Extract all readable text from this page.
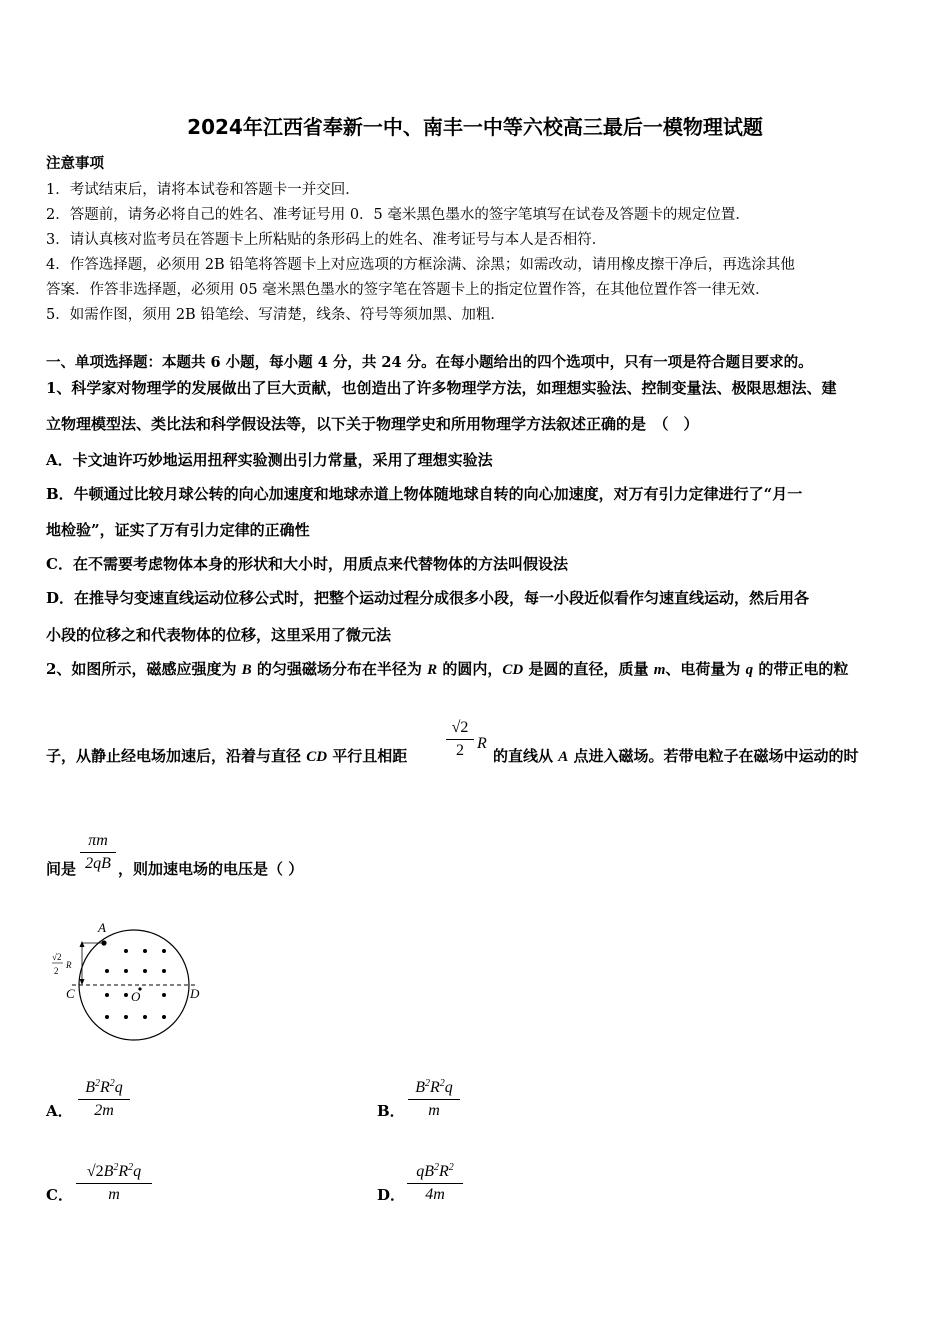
2024年江西省奉新一中、南丰一中等六校高三最后一模物理试题
注意事项
1．考试结束后，请将本试卷和答题卡一并交回．
2．答题前，请务必将自己的姓名、准考证号用 0．5 毫米黑色墨水的签字笔填写在试卷及答题卡的规定位置．
3．请认真核对监考员在答题卡上所粘贴的条形码上的姓名、准考证号与本人是否相符．
4．作答选择题，必须用 2B 铅笔将答题卡上对应选项的方框涂满、涂黑；如需改动，请用橡皮擦干净后，再选涂其他
答案．作答非选择题，必须用 05 毫米黑色墨水的签字笔在答题卡上的指定位置作答，在其他位置作答一律无效．
5．如需作图，须用 2B 铅笔绘、写清楚，线条、符号等须加黑、加粗．
一、单项选择题：本题共 6 小题，每小题 4 分，共 24 分。在每小题给出的四个选项中，只有一项是符合题目要求的。
1、科学家对物理学的发展做出了巨大贡献，也创造出了许多物理学方法，如理想实验法、控制变量法、极限思想法、建
立物理模型法、类比法和科学假设法等，以下关于物理学史和所用物理学方法叙述正确的是　（　）
A．卡文迪许巧妙地运用扭秤实验测出引力常量，采用了理想实验法
B．牛顿通过比较月球公转的向心加速度和地球赤道上物体随地球自转的向心加速度，对万有引力定律进行了“月一
地检验”，证实了万有引力定律的正确性
C．在不需要考虑物体本身的形状和大小时，用质点来代替物体的方法叫假设法
D．在推导匀变速直线运动位移公式时，把整个运动过程分成很多小段，每一小段近似看作匀速直线运动，然后用各
小段的位移之和代表物体的位移，这里采用了微元法
2、如图所示，磁感应强度为 B 的匀强磁场分布在半径为 R 的圆内，CD 是圆的直径，质量 m、电荷量为 q 的带正电的粒
子，从静止经电场加速后，沿着与直径 CD 平行且相距
√2
2 R
的直线从 A 点进入磁场。若带电粒子在磁场中运动的时
间是
πm
2qB ，则加速电场的电压是（ ）
A
C	D
O
√2
2
R
A．
$B^2R^2q$
2m	B．
$B^2R^2q$
m
C．
$√2B^2R^2q$
m	D．
$qB^2R^2$
4m
